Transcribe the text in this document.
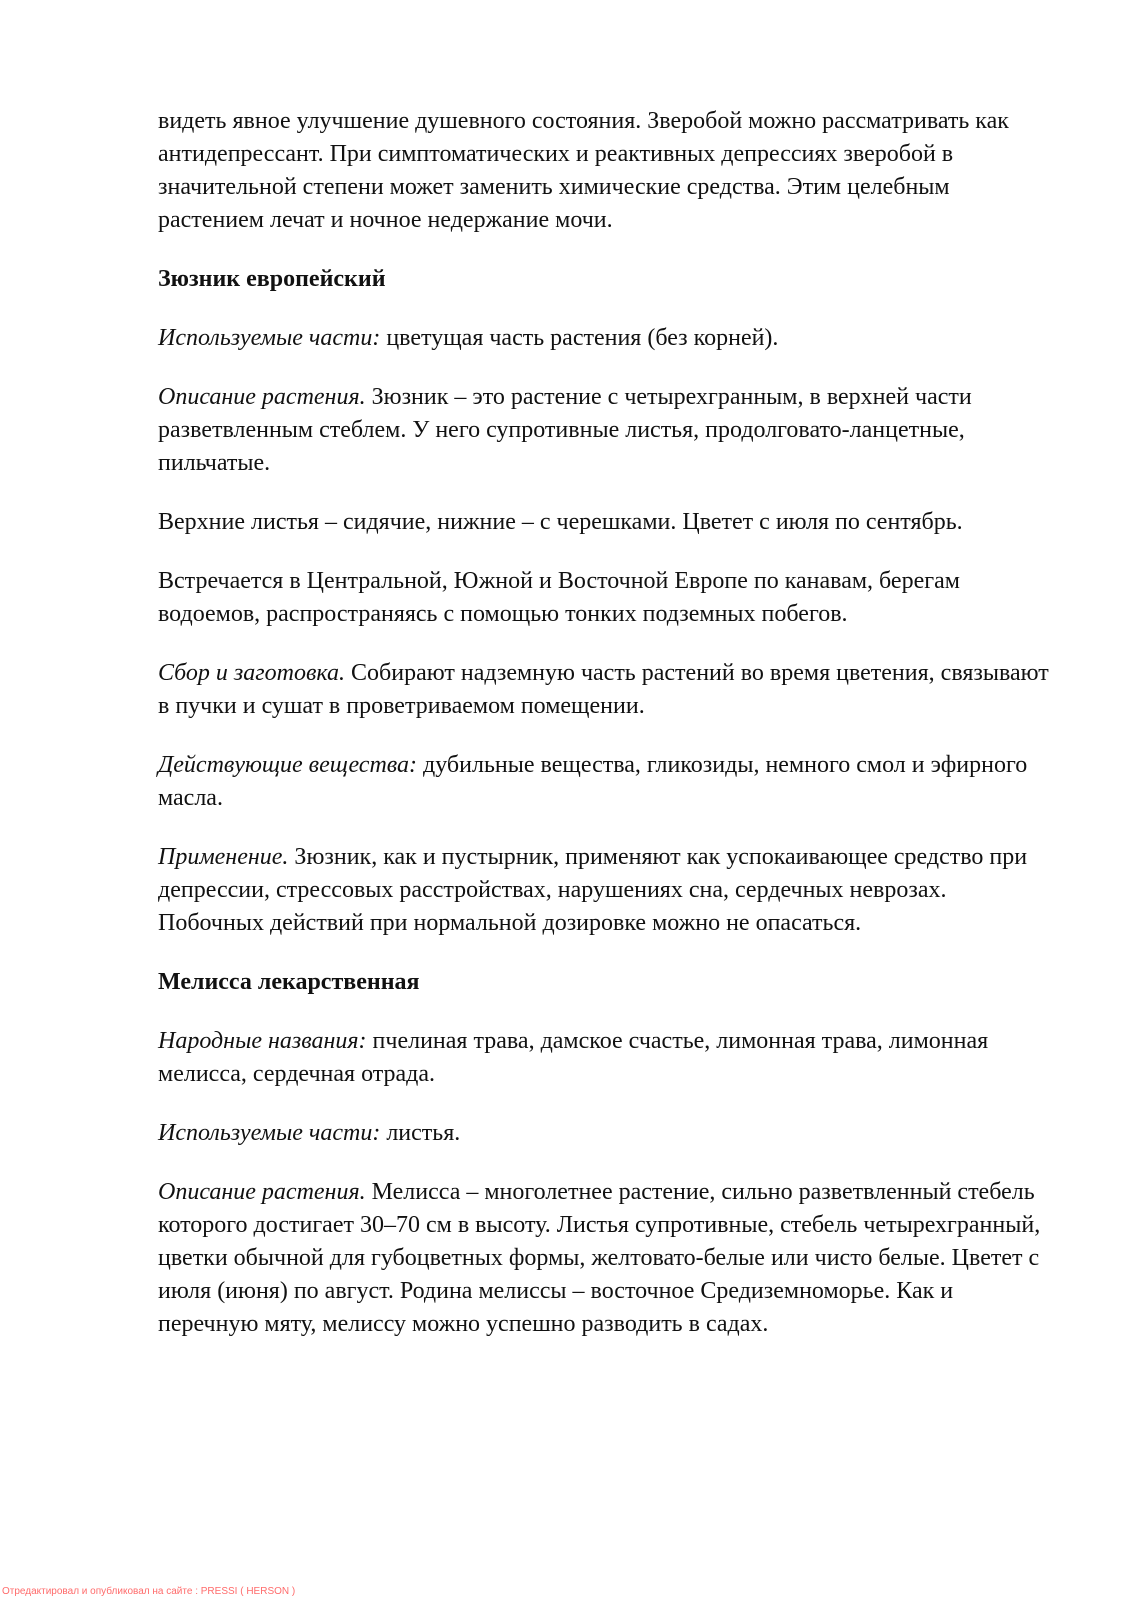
видеть явное улучшение душевного состояния. Зверобой можно рассматривать как антидепрессант. При симптоматических и реактивных депрессиях зверобой в значительной степени может заменить химические средства. Этим целебным растением лечат и ночное недержание мочи.

Зюзник европейский

Используемые части: цветущая часть растения (без корней).

Описание растения. Зюзник – это растение с четырехгранным, в верхней части разветвленным стеблем. У него супротивные листья, продолговато-ланцетные, пильчатые.

Верхние листья – сидячие, нижние – с черешками. Цветет с июля по сентябрь.

Встречается в Центральной, Южной и Восточной Европе по канавам, берегам водоемов, распространяясь с помощью тонких подземных побегов.

Сбор и заготовка. Собирают надземную часть растений во время цветения, связывают в пучки и сушат в проветриваемом помещении.

Действующие вещества: дубильные вещества, гликозиды, немного смол и эфирного масла.

Применение. Зюзник, как и пустырник, применяют как успокаивающее средство при депрессии, стрессовых расстройствах, нарушениях сна, сердечных неврозах. Побочных действий при нормальной дозировке можно не опасаться.

Мелисса лекарственная

Народные названия: пчелиная трава, дамское счастье, лимонная трава, лимонная мелисса, сердечная отрада.

Используемые части: листья.

Описание растения. Мелисса – многолетнее растение, сильно разветвленный стебель которого достигает 30–70 см в высоту. Листья супротивные, стебель четырехгранный, цветки обычной для губоцветных формы, желтовато-белые или чисто белые. Цветет с июля (июня) по август. Родина мелиссы – восточное Средиземноморье. Как и перечную мяту, мелиссу можно успешно разводить в садах.

Отредактировал и опубликовал на сайте : PRESSI ( HERSON )
